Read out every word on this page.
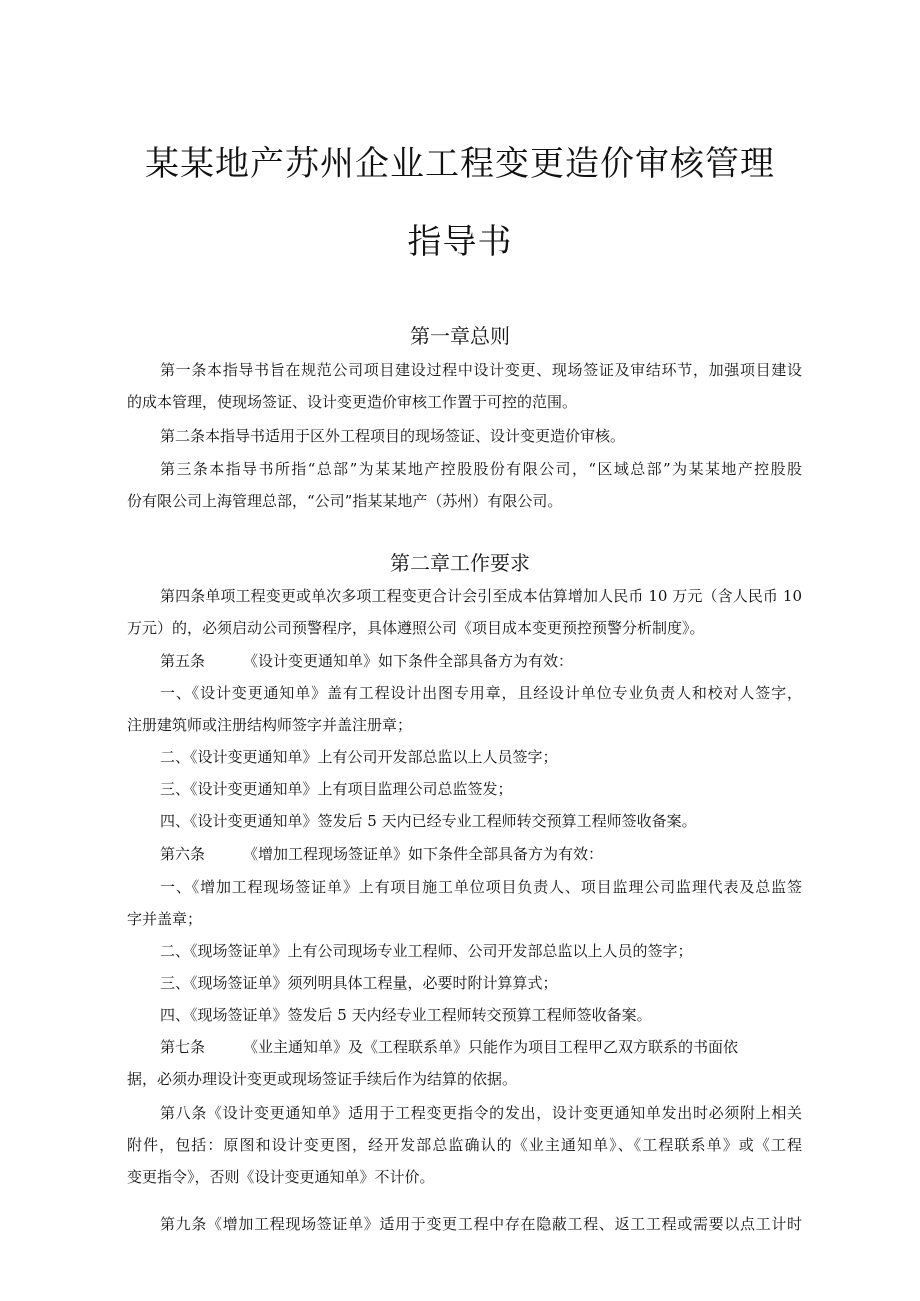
某某地产苏州企业工程变更造价审核管理
指导书
第一章总则
第一条本指导书旨在规范公司项目建设过程中设计变更、现场签证及审结环节，加强项目建设
的成本管理，使现场签证、设计变更造价审核工作置于可控的范围。
第二条本指导书适用于区外工程项目的现场签证、设计变更造价审核。
第三条本指导书所指“总部”为某某地产控股股份有限公司，“区域总部”为某某地产控股股
份有限公司上海管理总部，“公司”指某某地产（苏州）有限公司。
第二章工作要求
第四条单项工程变更或单次多项工程变更合计会引至成本估算增加人民币 10 万元（含人民币 10
万元）的，必须启动公司预警程序，具体遵照公司《项目成本变更预控预警分析制度》。
第五条	《设计变更通知单》如下条件全部具备方为有效：
一、《设计变更通知单》盖有工程设计出图专用章，且经设计单位专业负责人和校对人签字，
注册建筑师或注册结构师签字并盖注册章；
二、《设计变更通知单》上有公司开发部总监以上人员签字；
三、《设计变更通知单》上有项目监理公司总监签发；
四、《设计变更通知单》签发后 5 天内已经专业工程师转交预算工程师签收备案。
第六条	《增加工程现场签证单》如下条件全部具备方为有效：
一、《增加工程现场签证单》上有项目施工单位项目负责人、项目监理公司监理代表及总监签
字并盖章；
二、《现场签证单》上有公司现场专业工程师、公司开发部总监以上人员的签字；
三、《现场签证单》须列明具体工程量，必要时附计算算式；
四、《现场签证单》签发后 5 天内经专业工程师转交预算工程师签收备案。
第七条	《业主通知单》及《工程联系单》只能作为项目工程甲乙双方联系的书面依
据，必须办理设计变更或现场签证手续后作为结算的依据。
第八条《设计变更通知单》适用于工程变更指令的发出，设计变更通知单发出时必须附上相关
附件，包括：原图和设计变更图，经开发部总监确认的《业主通知单》、《工程联系单》或《工程
变更指令》，否则《设计变更通知单》不计价。
第九条《增加工程现场签证单》适用于变更工程中存在隐蔽工程、返工工程或需要以点工计时
